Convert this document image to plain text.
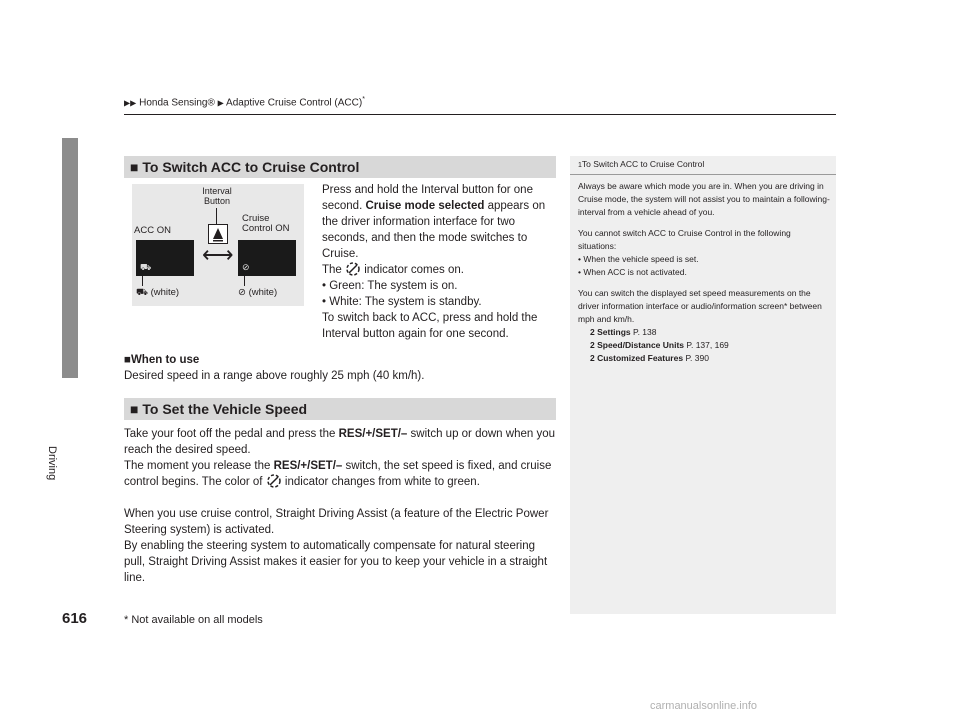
▶▶ Honda Sensing® ▶ Adaptive Cruise Control (ACC)*
Driving
616
■ To Switch ACC to Cruise Control
Interval Button
ACC ON
Cruise Control ON
⛟ ⟷ ⊘
⛟ (white)	⊘ (white)
Press and hold the Interval button for one second. Cruise mode selected appears on the driver information interface for two seconds, and then the mode switches to Cruise.
The indicator comes on.
• Green: The system is on.
• White: The system is standby.
To switch back to ACC, press and hold the Interval button again for one second.
■When to use
Desired speed in a range above roughly 25 mph (40 km/h).
■ To Set the Vehicle Speed
Take your foot off the pedal and press the RES/+/SET/– switch up or down when you reach the desired speed.
The moment you release the RES/+/SET/– switch, the set speed is fixed, and cruise control begins. The color of indicator changes from white to green.

When you use cruise control, Straight Driving Assist (a feature of the Electric Power Steering system) is activated.
By enabling the steering system to automatically compensate for natural steering pull, Straight Driving Assist makes it easier for you to keep your vehicle in a straight line.
1To Switch ACC to Cruise Control
Always be aware which mode you are in. When you are driving in Cruise mode, the system will not assist you to maintain a following-interval from a vehicle ahead of you.
You cannot switch ACC to Cruise Control in the following situations:
• When the vehicle speed is set.
• When ACC is not activated.
You can switch the displayed set speed measurements on the driver information interface or audio/information screen* between mph and km/h.
2 Settings P. 138
2 Speed/Distance Units P. 137, 169
2 Customized Features P. 390
* Not available on all models
carmanualsonline.info
